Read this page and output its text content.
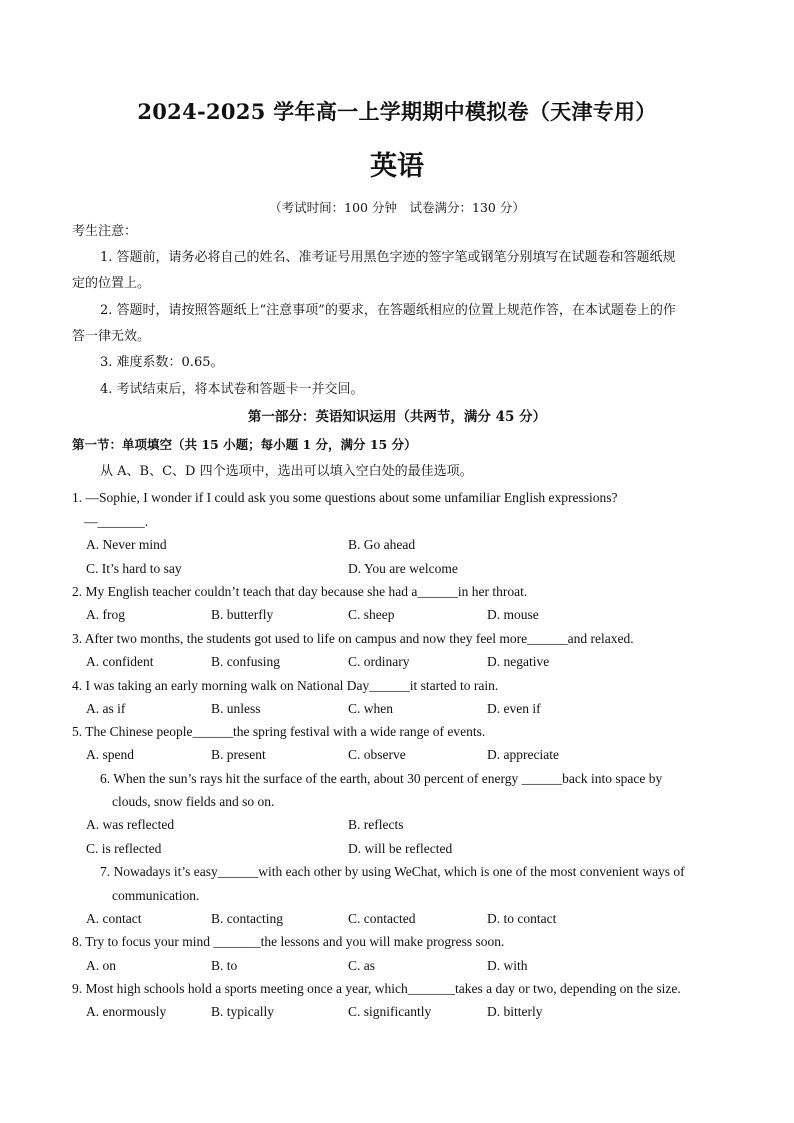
2024-2025 学年高一上学期期中模拟卷（天津专用）
英语
（考试时间：100 分钟　试卷满分：130 分）
考生注意：
1. 答题前，请务必将自己的姓名、准考证号用黑色字迹的签字笔或钢笔分别填写在试题卷和答题纸规
定的位置上。
2. 答题时，请按照答题纸上“注意事项”的要求，在答题纸相应的位置上规范作答，在本试题卷上的作
答一律无效。
3. 难度系数：0.65。
4. 考试结束后，将本试卷和答题卡一并交回。
第一部分：英语知识运用（共两节，满分 45 分）
第一节：单项填空（共 15 小题；每小题 1 分，满分 15 分）
从 A、B、C、D 四个选项中，选出可以填入空白处的最佳选项。
1. —Sophie, I wonder if I could ask you some questions about some unfamiliar English expressions?
—_______.
A. Never mind	B. Go ahead
C. It’s hard to say	D. You are welcome
2. My English teacher couldn’t teach that day because she had a______in her throat.
A. frog	B. butterfly	C. sheep	D. mouse
3. After two months, the students got used to life on campus and now they feel more______and relaxed.
A. confident	B. confusing	C. ordinary	D. negative
4. I was taking an early morning walk on National Day______it started to rain.
A. as if	B. unless	C. when	D. even if
5. The Chinese people______the spring festival with a wide range of events.
A. spend	B. present	C. observe	D. appreciate
6. When the sun’s rays hit the surface of the earth, about 30 percent of energy ______back into space by
clouds, snow fields and so on.
A. was reflected	B. reflects
C. is reflected	D. will be reflected
7. Nowadays it’s easy______with each other by using WeChat, which is one of the most convenient ways of
communication.
A. contact	B. contacting	C. contacted	D. to contact
8. Try to focus your mind _______the lessons and you will make progress soon.
A. on	B. to	C. as	D. with
9. Most high schools hold a sports meeting once a year, which_______takes a day or two, depending on the size.
A. enormously	B. typically	C. significantly	D. bitterly
